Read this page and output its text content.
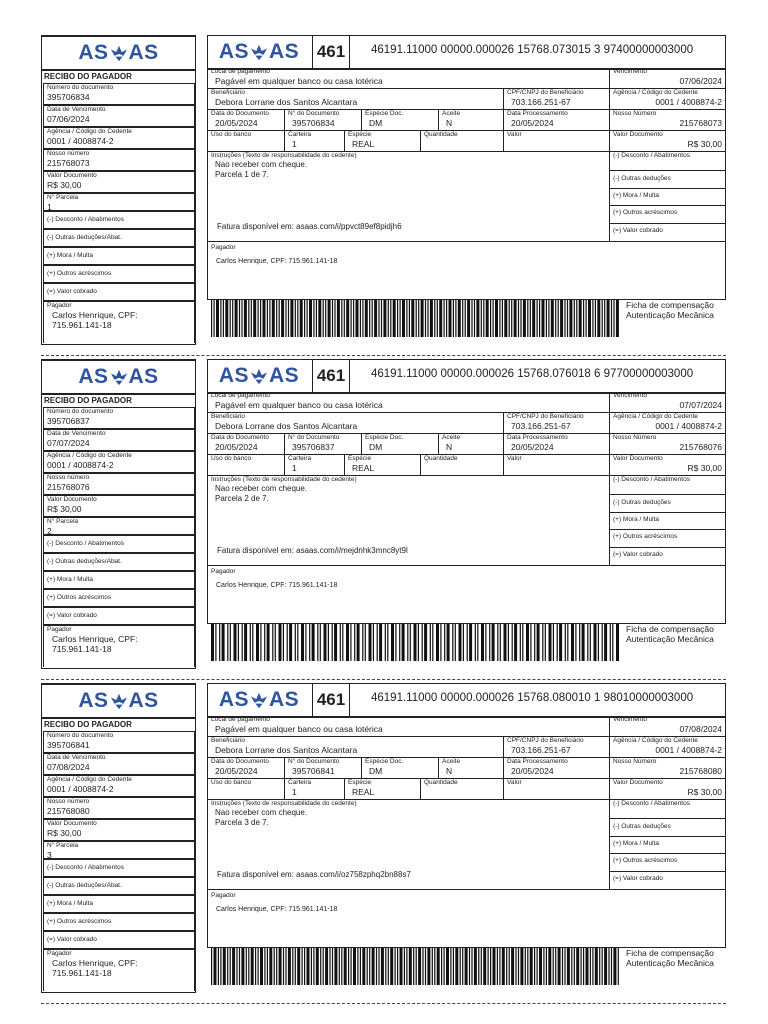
AS AS
RECIBO DO PAGADOR
Número do documento
395706834
Data de Vencimento
07/06/2024
Agência / Código do Cedente
0001 / 4008874-2
Nosso número
215768073
Valor Documento
R$ 30,00
N° Parcela
1
(-) Desconto / Abatimentos
(-) Outras deduções/Abat.
(+) Mora / Multa
(+) Outros acréscimos
(=) Valor cobrado
Pagador
Carlos Henrique, CPF:
715.961.141-18
AS AS 461	46191.11000 00000.000026 15768.073015 3 97400000003000
Local de pagamento
Pagável em qualquer banco ou casa lotérica
Vencimento
07/06/2024
Beneficiário
Debora Lorrane dos Santos Alcantara
CPF/CNPJ do Beneficiário
703.166.251-67
Agência / Código do Cedente
0001 / 4008874-2
Data do Documento
20/05/2024
N° do Documento
395706834
Espécie Doc.
DM
Aceite
N
Data Processamento
20/05/2024
Nosso Número
215768073
Uso do banco	Carteira
1
Espécie
REAL
Quantidade	Valor	Valor Documento
R$ 30,00
Instruções (Texto de responsabilidade do cedente)
Nao receber com cheque.
Parcela 1 de 7.
Fatura disponível em: asaas.com/i/ppvct89ef8pidjh6
(-) Desconto / Abatimentos
(-) Outras deduções
(+) Mora / Multa
(+) Outros acréscimos
(=) Valor cobrado
Pagador
Carlos Henrique, CPF: 715.961.141-18
Ficha de compensação
Autenticação Mecânica
AS AS
RECIBO DO PAGADOR
Número do documento
395706837
Data de Vencimento
07/07/2024
Agência / Código do Cedente
0001 / 4008874-2
Nosso número
215768076
Valor Documento
R$ 30,00
N° Parcela
2
(-) Desconto / Abatimentos
(-) Outras deduções/Abat.
(+) Mora / Multa
(+) Outros acréscimos
(=) Valor cobrado
Pagador
Carlos Henrique, CPF:
715.961.141-18
AS AS 461	46191.11000 00000.000026 15768.076018 6 97700000003000
Local de pagamento
Pagável em qualquer banco ou casa lotérica
Vencimento
07/07/2024
Beneficiário
Debora Lorrane dos Santos Alcantara
CPF/CNPJ do Beneficiário
703.166.251-67
Agência / Código do Cedente
0001 / 4008874-2
Data do Documento
20/05/2024
N° do Documento
395706837
Espécie Doc.
DM
Aceite
N
Data Processamento
20/05/2024
Nosso Número
215768076
Uso do banco	Carteira
1
Espécie
REAL
Quantidade	Valor	Valor Documento
R$ 30,00
Instruções (Texto de responsabilidade do cedente)
Nao receber com cheque.
Parcela 2 de 7.
Fatura disponível em: asaas.com/i/mejdnhk3mnc8yt9l
(-) Desconto / Abatimentos
(-) Outras deduções
(+) Mora / Multa
(+) Outros acréscimos
(=) Valor cobrado
Pagador
Carlos Henrique, CPF: 715.961.141-18
Ficha de compensação
Autenticação Mecânica
AS AS
RECIBO DO PAGADOR
Número do documento
395706841
Data de Vencimento
07/08/2024
Agência / Código do Cedente
0001 / 4008874-2
Nosso número
215768080
Valor Documento
R$ 30,00
N° Parcela
3
(-) Desconto / Abatimentos
(-) Outras deduções/Abat.
(+) Mora / Multa
(+) Outros acréscimos
(=) Valor cobrado
Pagador
Carlos Henrique, CPF:
715.961.141-18
AS AS 461	46191.11000 00000.000026 15768.080010 1 98010000003000
Local de pagamento
Pagável em qualquer banco ou casa lotérica
Vencimento
07/08/2024
Beneficiário
Debora Lorrane dos Santos Alcantara
CPF/CNPJ do Beneficiário
703.166.251-67
Agência / Código do Cedente
0001 / 4008874-2
Data do Documento
20/05/2024
N° do Documento
395706841
Espécie Doc.
DM
Aceite
N
Data Processamento
20/05/2024
Nosso Número
215768080
Uso do banco	Carteira
1
Espécie
REAL
Quantidade	Valor	Valor Documento
R$ 30,00
Instruções (Texto de responsabilidade do cedente)
Nao receber com cheque.
Parcela 3 de 7.
Fatura disponível em: asaas.com/i/oz758zphq2bn88s7
(-) Desconto / Abatimentos
(-) Outras deduções
(+) Mora / Multa
(+) Outros acréscimos
(=) Valor cobrado
Pagador
Carlos Henrique, CPF: 715.961.141-18
Ficha de compensação
Autenticação Mecânica
